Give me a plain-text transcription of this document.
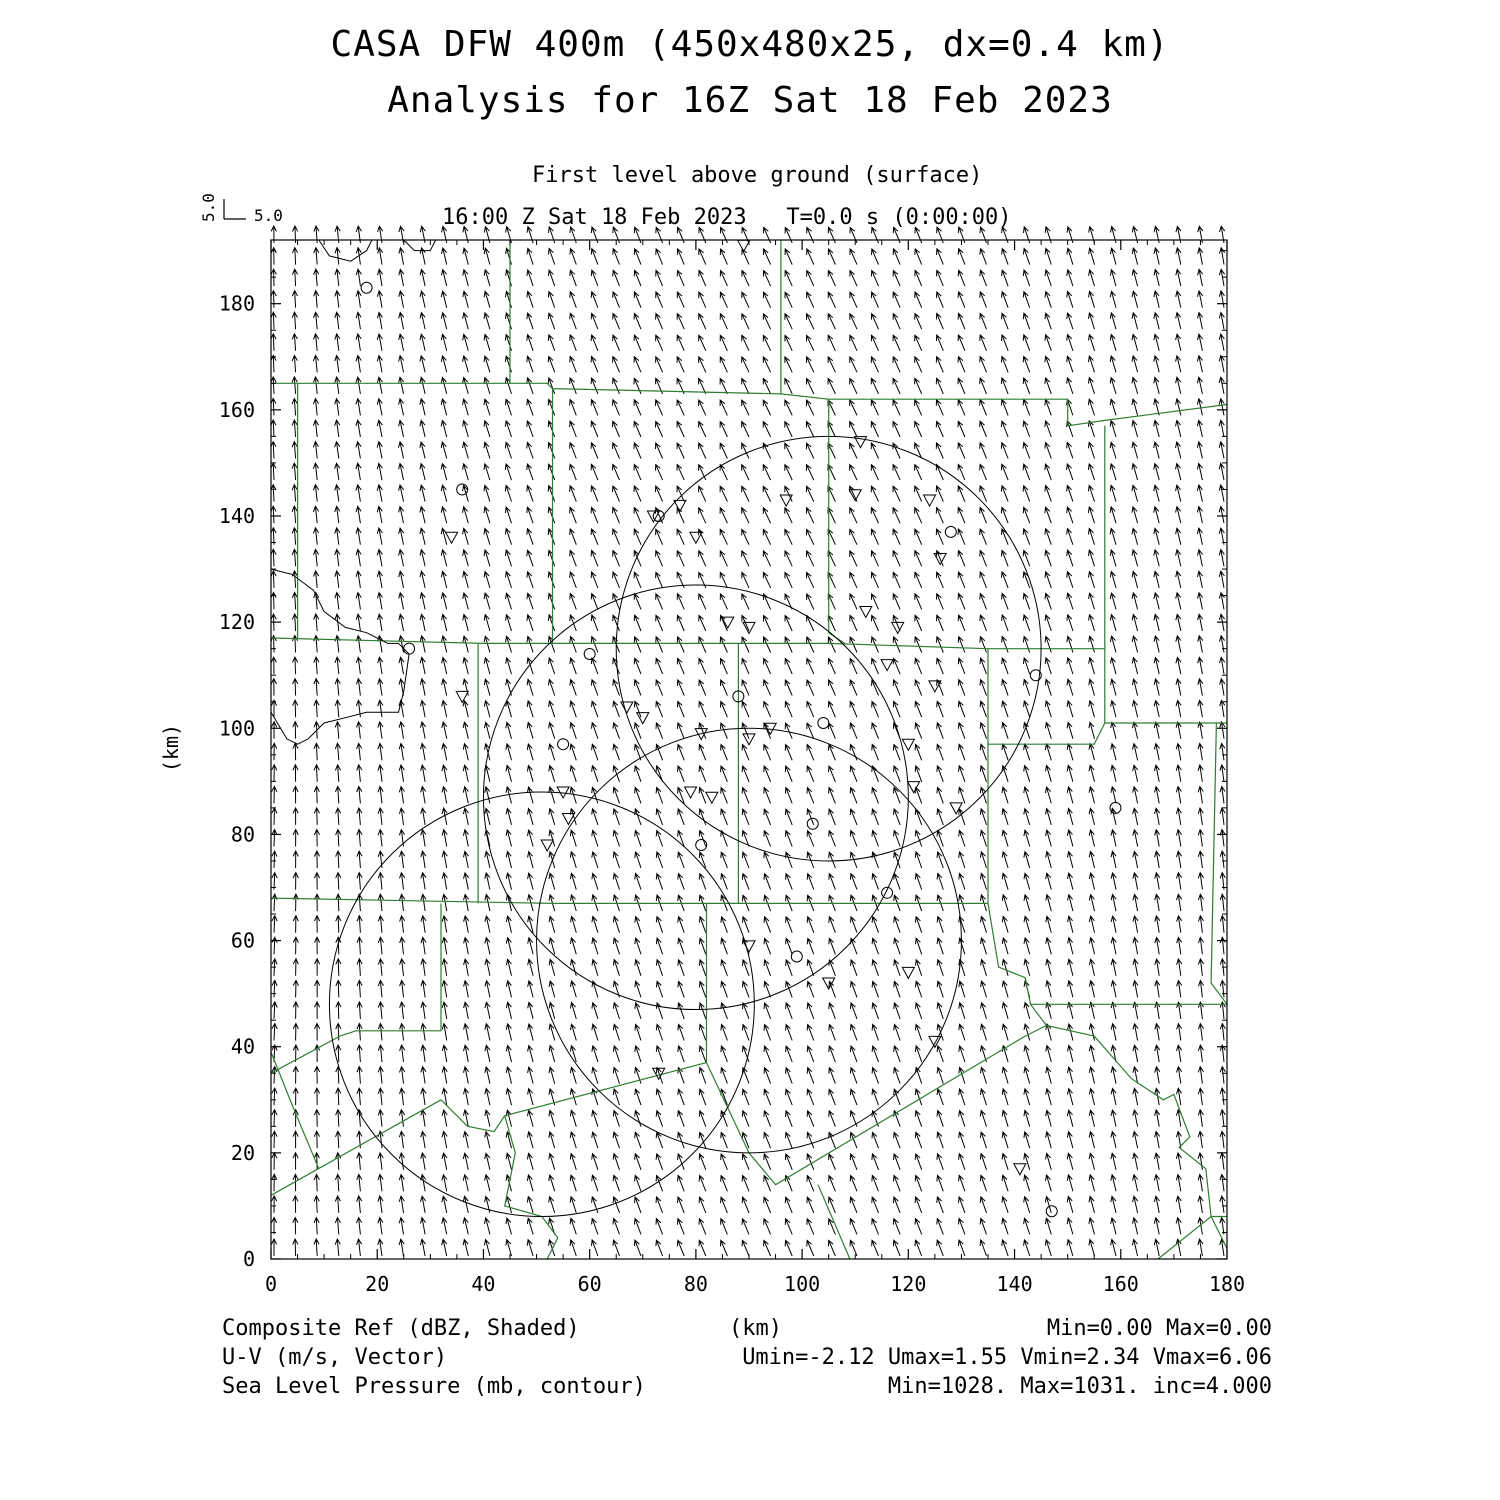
CASA DFW 400m (450x480x25, dx=0.4 km)
Analysis for 16Z Sat 18 Feb 2023
First level above ground (surface)
16:00 Z Sat 18 Feb 2023   T=0.0 s (0:00:00)
0	20	40	60	80	100	120	140	160	180
0
20
40
60
80
100
120
140
160
180
5.0 5.0
(km)
(km)
Composite Ref (dBZ, Shaded)	Min=0.00 Max=0.00
U-V (m/s, Vector)	Umin=-2.12 Umax=1.55 Vmin=2.34 Vmax=6.06
Sea Level Pressure (mb, contour)	Min=1028. Max=1031. inc=4.000
